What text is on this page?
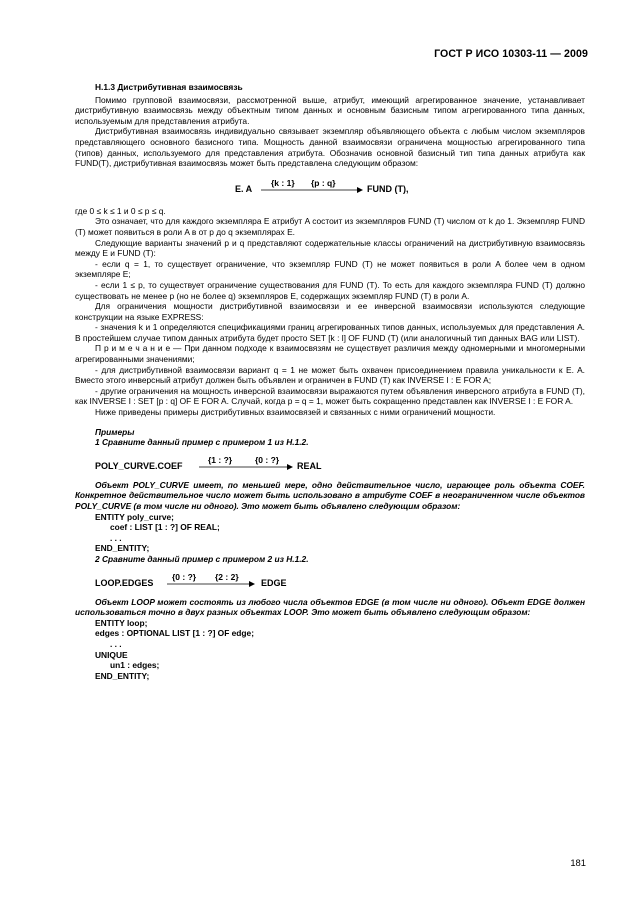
ГОСТ Р ИСО 10303-11 — 2009

Н.1.3 Дистрибутивная взаимосвязь

Помимо групповой взаимосвязи, рассмотренной выше, атрибут, имеющий агрегированное значение, устанавливает дистрибутивную взаимосвязь между объектным типом данных и основным базисным типом агрегированного типа данных, используемым для представления атрибута.

Дистрибутивная взаимосвязь индивидуально связывает экземпляр объявляющего объекта с любым числом экземпляров представляющего основного базисного типа. Мощность данной взаимосвязи ограничена мощностью агрегированного типа (типов) данных, используемого для представления атрибута. Обозначив основной базисный тип типа данных атрибута как FUND(T), дистрибутивная взаимосвязь может быть представлена следующим образом:

E. A
{k : 1} {p : q}
FUND (T),

где 0 ≤ k ≤ 1 и 0 ≤ p ≤ q.

Это означает, что для каждого экземпляра E атрибут A состоит из экземпляров FUND (T) числом от k до 1. Экземпляр FUND (T) может появиться в роли A в от p до q экземплярах E.

Следующие варианты значений p и q представляют содержательные классы ограничений на дистрибутивную взаимосвязь между E и FUND (T):

- если q = 1, то существует ограничение, что экземпляр FUND (T) не может появиться в роли A более чем в одном экземпляре E;

- если 1 ≤ p, то существует ограничение существования для FUND (T). То есть для каждого экземпляра FUND (T) должно существовать не менее p (но не более q) экземпляров E, содержащих экземпляр FUND (T) в роли A.

Для ограничения мощности дистрибутивной взаимосвязи и ее инверсной взаимосвязи используются следующие конструкции на языке EXPRESS:

- значения k и 1 определяются спецификациями границ агрегированных типов данных, используемых для представления A. В простейшем случае типом данных атрибута будет просто SET [k : l] OF FUND (T) (или аналогичный тип данных BAG или LIST).

П р и м е ч а н и е — При данном подходе к взаимосвязям не существует различия между одномерными и многомерными агрегированными значениями;

- для дистрибутивной взаимосвязи вариант q = 1 не может быть охвачен присоединением правила уникальности к E. A. Вместо этого инверсный атрибут должен быть объявлен и ограничен в FUND (T) как INVERSE I : E FOR A;

- другие ограничения на мощность инверсной взаимосвязи выражаются путем объявления инверсного атрибута в FUND (T), как INVERSE I : SET [p : q] OF E FOR A. Случай, когда p = q = 1, может быть сокращенно представлен как INVERSE I : E FOR A.

Ниже приведены примеры дистрибутивных взаимосвязей и связанных с ними ограничений мощности.

Примеры

1 Сравните данный пример с примером 1 из Н.1.2.

POLY_CURVE.COEF
{1 : ?}	{0 : ?}
REAL

Объект POLY_CURVE имеет, по меньшей мере, одно действительное число, играющее роль объекта COEF. Конкретное действительное число может быть использовано в атрибуте COEF в неограниченном числе объектов POLY_CURVE (в том числе ни одного). Это может быть объявлено следующим образом:

ENTITY poly_curve;

coef : LIST [1 : ?] OF REAL;

. . .

END_ENTITY;

2 Сравните данный пример с примером 2 из Н.1.2.

LOOP.EDGES
{0 : ?} {2 : 2}
EDGE

Объект LOOP может состоять из любого числа объектов EDGE (в том числе ни одного). Объект EDGE должен использоваться точно в двух разных объектах LOOP. Это может быть объявлено следующим образом:

ENTITY loop;

edges : OPTIONAL LIST [1 : ?] OF edge;

. . .

UNIQUE

un1 : edges;

END_ENTITY;

181
